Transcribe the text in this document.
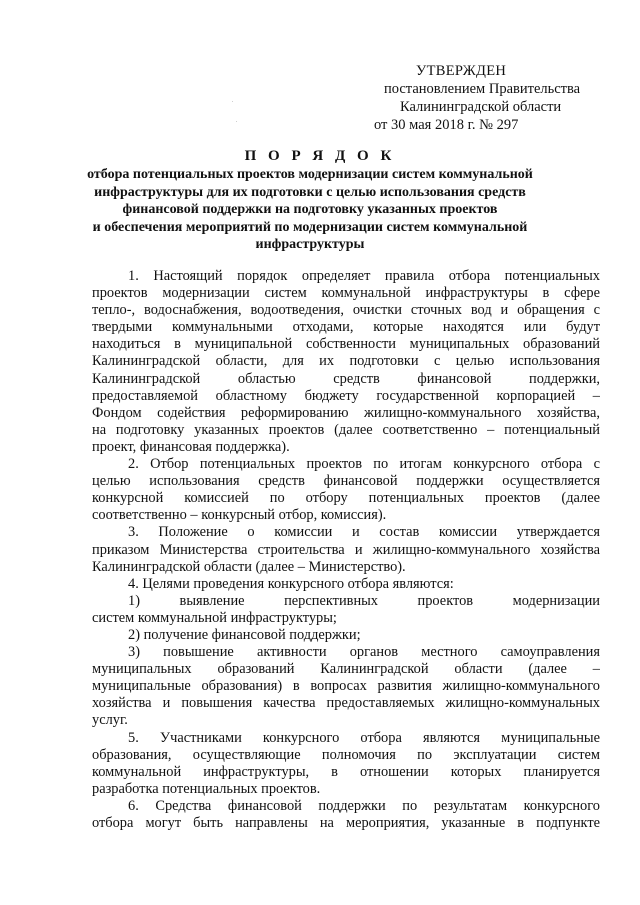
УТВЕРЖДЕН
постановлением Правительства
Калининградской области
от 30 мая 2018 г. № 297
П О Р Я Д О К
отбора потенциальных проектов модернизации систем коммунальной
инфраструктуры для их подготовки с целью использования средств
финансовой поддержки на подготовку указанных проектов
и обеспечения мероприятий по модернизации систем коммунальной
инфраструктуры
1. Настоящий порядок определяет правила отбора потенциальных
проектов модернизации систем коммунальной инфраструктуры в сфере
тепло-, водоснабжения, водоотведения, очистки сточных вод и обращения с
твердыми коммунальными отходами, которые находятся или будут
находиться в муниципальной собственности муниципальных образований
Калининградской области, для их подготовки с целью использования
Калининградской областью средств финансовой поддержки,
предоставляемой областному бюджету государственной корпорацией –
Фондом содействия реформированию жилищно-коммунального хозяйства,
на подготовку указанных проектов (далее соответственно – потенциальный
проект, финансовая поддержка).
2. Отбор потенциальных проектов по итогам конкурсного отбора с
целью использования средств финансовой поддержки осуществляется
конкурсной комиссией по отбору потенциальных проектов (далее
соответственно – конкурсный отбор, комиссия).
3. Положение о комиссии и состав комиссии утверждается
приказом Министерства строительства и жилищно-коммунального хозяйства
Калининградской области (далее – Министерство).
4. Целями проведения конкурсного отбора являются:
1) выявление перспективных проектов модернизации
систем коммунальной инфраструктуры;
2) получение финансовой поддержки;
3) повышение активности органов местного самоуправления
муниципальных образований Калининградской области (далее –
муниципальные образования) в вопросах развития жилищно-коммунального
хозяйства и повышения качества предоставляемых жилищно-коммунальных
услуг.
5. Участниками конкурсного отбора являются муниципальные
образования, осуществляющие полномочия по эксплуатации систем
коммунальной инфраструктуры, в отношении которых планируется
разработка потенциальных проектов.
6. Средства финансовой поддержки по результатам конкурсного
отбора могут быть направлены на мероприятия, указанные в подпункте
